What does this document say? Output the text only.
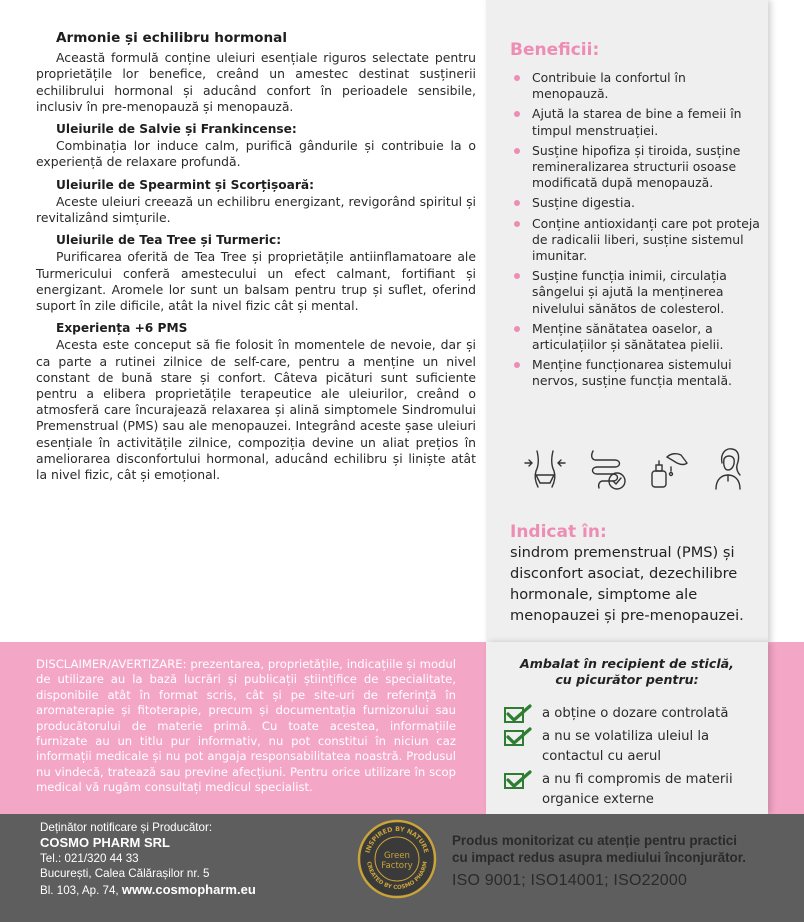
Armonie și echilibru hormonal

Această formulă conține uleiuri esențiale riguros selectate pentru proprietățile lor benefice, creând un amestec destinat susținerii echilibrului hormonal și aducând confort în perioadele sensibile, inclusiv în pre-menopauză și menopauză.

Uleiurile de Salvie și Frankincense:

Combinația lor induce calm, purifică gândurile și contribuie la o experiență de relaxare profundă.

Uleiurile de Spearmint și Scorțișoară:

Aceste uleiuri creează un echilibru energizant, revigorând spiritul și revitalizând simțurile.

Uleiurile de Tea Tree și Turmeric:

Purificarea oferită de Tea Tree și proprietățile antiinflamatoare ale Turmericului conferă amestecului un efect calmant, fortifiant și energizant. Aromele lor sunt un balsam pentru trup și suflet, oferind suport în zile dificile, atât la nivel fizic cât și mental.

Experiența +6 PMS

Acesta este conceput să fie folosit în momentele de nevoie, dar și ca parte a rutinei zilnice de self-care, pentru a menține un nivel constant de bună stare și confort. Câteva picături sunt suficiente pentru a elibera proprietățile terapeutice ale uleiurilor, creând o atmosferă care încurajează relaxarea și alină simptomele Sindromului Premenstrual (PMS) sau ale menopauzei. Integrând aceste șase uleiuri esențiale în activitățile zilnice, compoziția devine un aliat prețios în ameliorarea disconfortului hormonal, aducând echilibru și liniște atât la nivel fizic, cât și emoțional.

Beneficii:
Contribuie la confortul în menopauză.
Ajută la starea de bine a femeii în timpul menstruației.
Susține hipofiza și tiroida, susține remineralizarea structurii osoase modificată după menopauză.
Susține digestia.
Conține antioxidanți care pot proteja de radicalii liberi, susține sistemul imunitar.
Susține funcția inimii, circulația sângelui și ajută la menținerea nivelului sănătos de colesterol.
Menține sănătatea oaselor, a articulațiilor și sănătatea pielii.
Menține funcționarea sistemului nervos, susține funcția mentală.
Indicat în:
sindrom premenstrual (PMS) și disconfort asociat, dezechilibre hormonale, simptome ale menopauzei și pre-menopauzei.
DISCLAIMER/AVERTIZARE: prezentarea, proprietățile, indicațiile și modul de utilizare au la bază lucrări și publicații științifice de specialitate, disponibile atât în format scris, cât și pe site-uri de referință în aromaterapie și fitoterapie, precum și documentația furnizorului sau producătorului de materie primă. Cu toate acestea, informațiile furnizate au un titlu pur informativ, nu pot constitui în niciun caz informații medicale și nu pot angaja responsabilitatea noastră. Produsul nu vindecă, tratează sau previne afecțiuni. Pentru orice utilizare în scop medical vă rugăm consultați medicul specialist.
Ambalat în recipient de sticlă,
cu picurător pentru:
a obține o dozare controlată
a nu se volatiliza uleiul la contactul cu aerul
a nu fi compromis de materii organice externe
Deținător notificare și Producător:
COSMO PHARM SRL
Tel.: 021/320 44 33
București, Calea Călărașilor nr. 5
Bl. 103, Ap. 74, www.cosmopharm.eu
INSPIRED BY NATURE
CREATED BY COSMO PHARM
Green
Factory
Produs monitorizat cu atenție pentru practici
cu impact redus asupra mediului înconjurător.
ISO 9001; ISO14001; ISO22000
